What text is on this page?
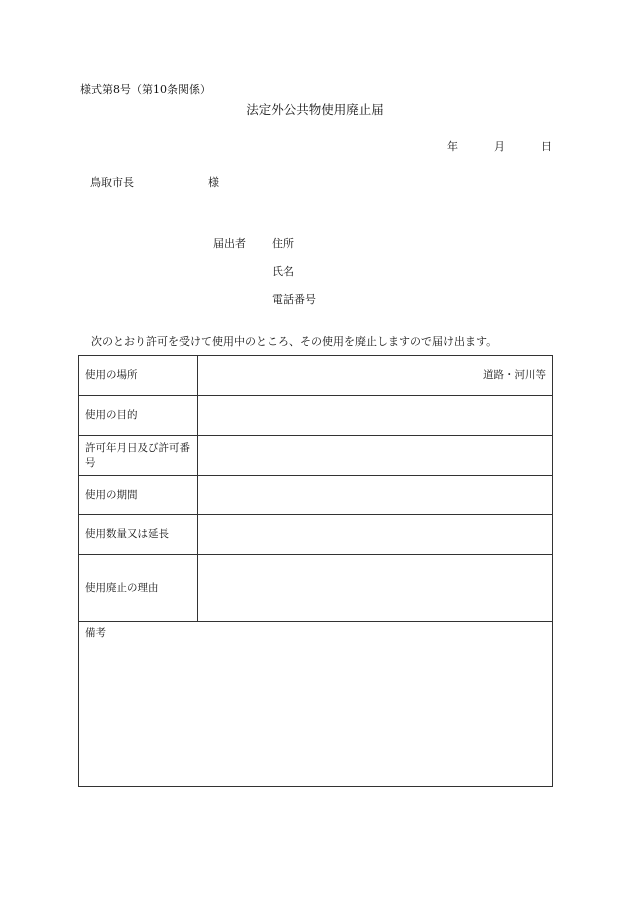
様式第8号（第10条関係）
法定外公共物使用廃止届
年	月	日
鳥取市長	様
届出者 住所
氏名
電話番号
次のとおり許可を受けて使用中のところ、その使用を廃止しますので届け出ます。
使用の場所	道路・河川等
使用の目的	
許可年月日及び許可番号	
使用の期間	
使用数量又は延長	
使用廃止の理由	
備考	
